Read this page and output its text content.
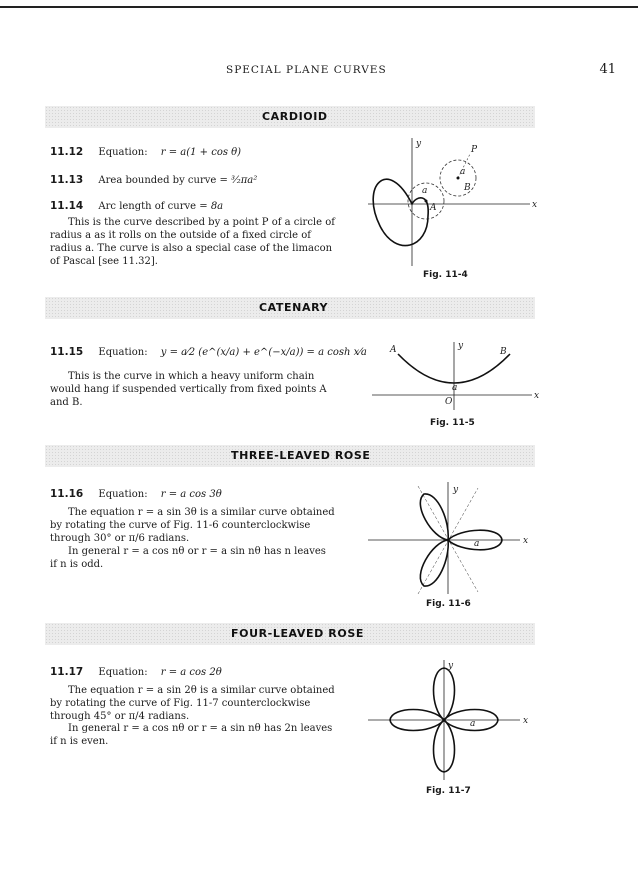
SPECIAL PLANE CURVES	41
CARDIOID
11.12 Equation: r = a(1 + cos θ)
11.13 Area bounded by curve = ³⁄₂πa²
11.14 Arc length of curve = 8a
This is the curve described by a point P of a circle of radius a as it rolls on the outside of a fixed circle of radius a. The curve is also a special case of the limacon of Pascal [see 11.32].
y
x
P
a
B
a
A
Fig. 11-4
CATENARY
11.15 Equation: y = a⁄2 (e^(x/a) + e^(−x/a)) = a cosh x⁄a
This is the curve in which a heavy uniform chain would hang if suspended vertically from fixed points A and B.
A	y
B
a
O
x
Fig. 11-5
THREE-LEAVED ROSE
11.16 Equation: r = a cos 3θ
The equation r = a sin 3θ is a similar curve obtained by rotating the curve of Fig. 11-6 counterclockwise through 30° or π/6 radians.
In general r = a cos nθ or r = a sin nθ has n leaves if n is odd.
y
a	x
Fig. 11-6
FOUR-LEAVED ROSE
11.17 Equation: r = a cos 2θ
The equation r = a sin 2θ is a similar curve obtained by rotating the curve of Fig. 11-7 counterclockwise through 45° or π/4 radians.
In general r = a cos nθ or r = a sin nθ has 2n leaves if n is even.
y
a	x
Fig. 11-7
